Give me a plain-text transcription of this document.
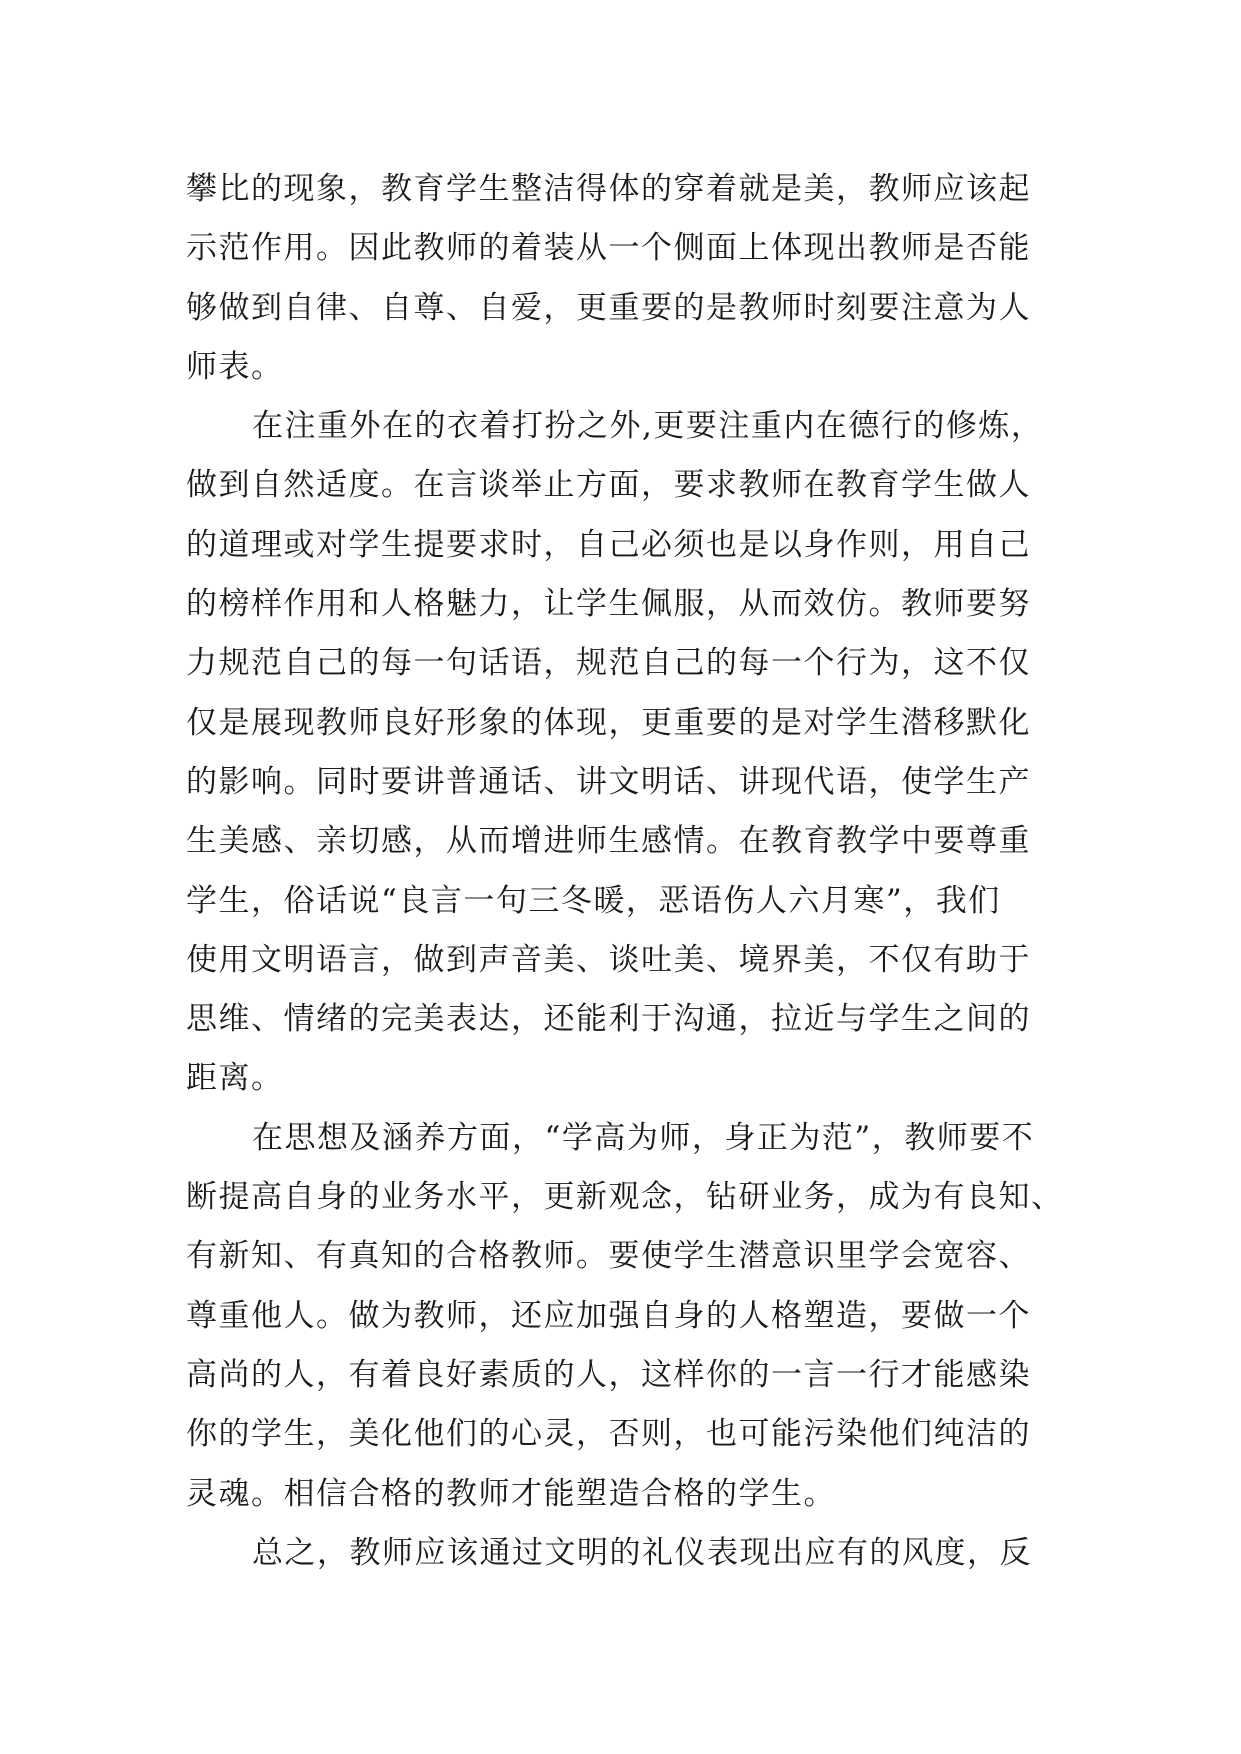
攀比的现象，教育学生整洁得体的穿着就是美，教师应该起
示范作用。因此教师的着装从一个侧面上体现出教师是否能
够做到自律、自尊、自爱，更重要的是教师时刻要注意为人
师表。
在注重外在的衣着打扮之外,更要注重内在德行的修炼，
做到自然适度。在言谈举止方面，要求教师在教育学生做人
的道理或对学生提要求时，自己必须也是以身作则，用自己
的榜样作用和人格魅力，让学生佩服，从而效仿。教师要努
力规范自己的每一句话语，规范自己的每一个行为，这不仅
仅是展现教师良好形象的体现，更重要的是对学生潜移默化
的影响。同时要讲普通话、讲文明话、讲现代语，使学生产
生美感、亲切感，从而增进师生感情。在教育教学中要尊重
学生，俗话说“良言一句三冬暖，恶语伤人六月寒”，我们
使用文明语言，做到声音美、谈吐美、境界美，不仅有助于
思维、情绪的完美表达，还能利于沟通，拉近与学生之间的
距离。
在思想及涵养方面，“学高为师，身正为范”，教师要不
断提高自身的业务水平，更新观念，钻研业务，成为有良知、
有新知、有真知的合格教师。要使学生潜意识里学会宽容、
尊重他人。做为教师，还应加强自身的人格塑造，要做一个
高尚的人，有着良好素质的人，这样你的一言一行才能感染
你的学生，美化他们的心灵，否则，也可能污染他们纯洁的
灵魂。相信合格的教师才能塑造合格的学生。
总之，教师应该通过文明的礼仪表现出应有的风度，反
